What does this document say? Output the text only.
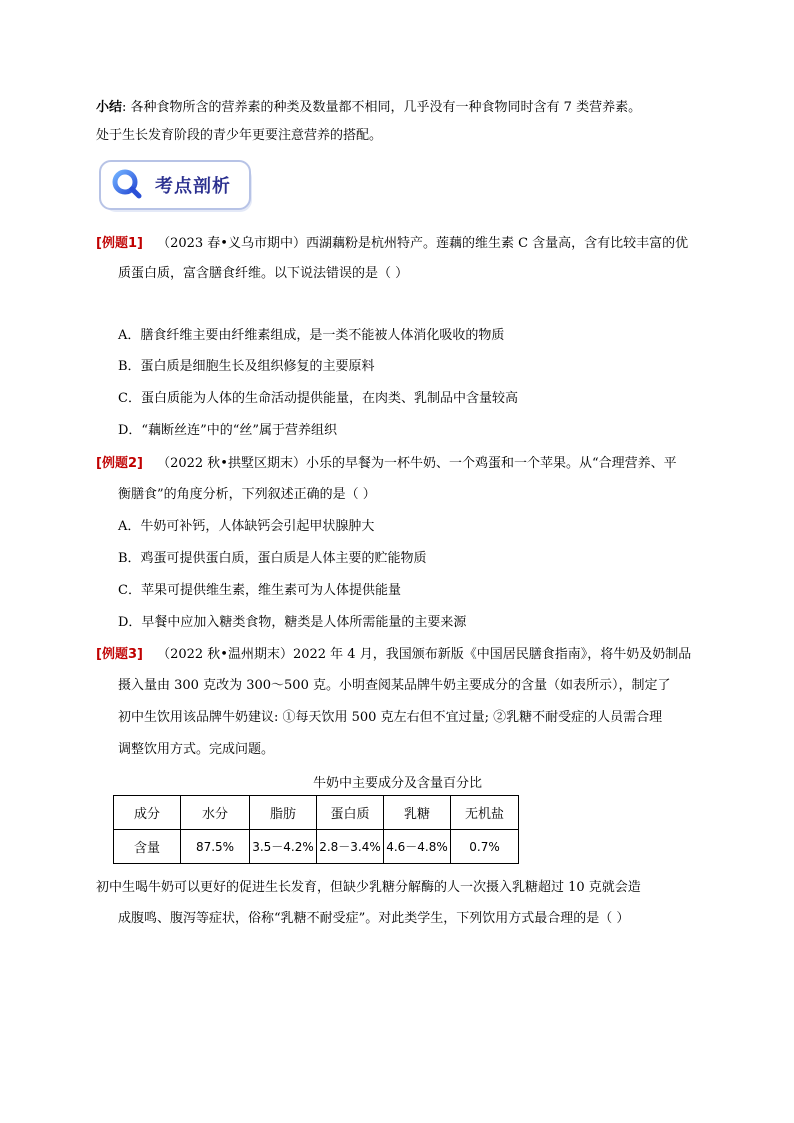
小结: 各种食物所含的营养素的种类及数量都不相同，几乎没有一种食物同时含有 7 类营养素。
处于生长发育阶段的青少年更要注意营养的搭配。
考点剖析
[例题1] （2023 春•义乌市期中）西湖藕粉是杭州特产。莲藕的维生素 C 含量高，含有比较丰富的优
质蛋白质，富含膳食纤维。以下说法错误的是（ ）
A．膳食纤维主要由纤维素组成，是一类不能被人体消化吸收的物质
B．蛋白质是细胞生长及组织修复的主要原料
C．蛋白质能为人体的生命活动提供能量，在肉类、乳制品中含量较高
D．“藕断丝连”中的“丝”属于营养组织
[例题2] （2022 秋•拱墅区期末）小乐的早餐为一杯牛奶、一个鸡蛋和一个苹果。从“合理营养、平
衡膳食”的角度分析，下列叙述正确的是（ ）
A．牛奶可补钙，人体缺钙会引起甲状腺肿大
B．鸡蛋可提供蛋白质，蛋白质是人体主要的贮能物质
C．苹果可提供维生素，维生素可为人体提供能量
D．早餐中应加入糖类食物，糖类是人体所需能量的主要来源
[例题3] （2022 秋•温州期末）2022 年 4 月，我国颁布新版《中国居民膳食指南》，将牛奶及奶制品
摄入量由 300 克改为 300～500 克。小明查阅某品牌牛奶主要成分的含量（如表所示），制定了
初中生饮用该品牌牛奶建议: ①每天饮用 500 克左右但不宜过量; ②乳糖不耐受症的人员需合理
调整饮用方式。完成问题。
牛奶中主要成分及含量百分比
成分	水分	脂肪	蛋白质	乳糖	无机盐
含量	87.5%	3.5－4.2%	2.8－3.4%	4.6－4.8%	0.7%
初中生喝牛奶可以更好的促进生长发育，但缺少乳糖分解酶的人一次摄入乳糖超过 10 克就会造
成腹鸣、腹泻等症状，俗称“乳糖不耐受症”。对此类学生，下列饮用方式最合理的是（ ）
